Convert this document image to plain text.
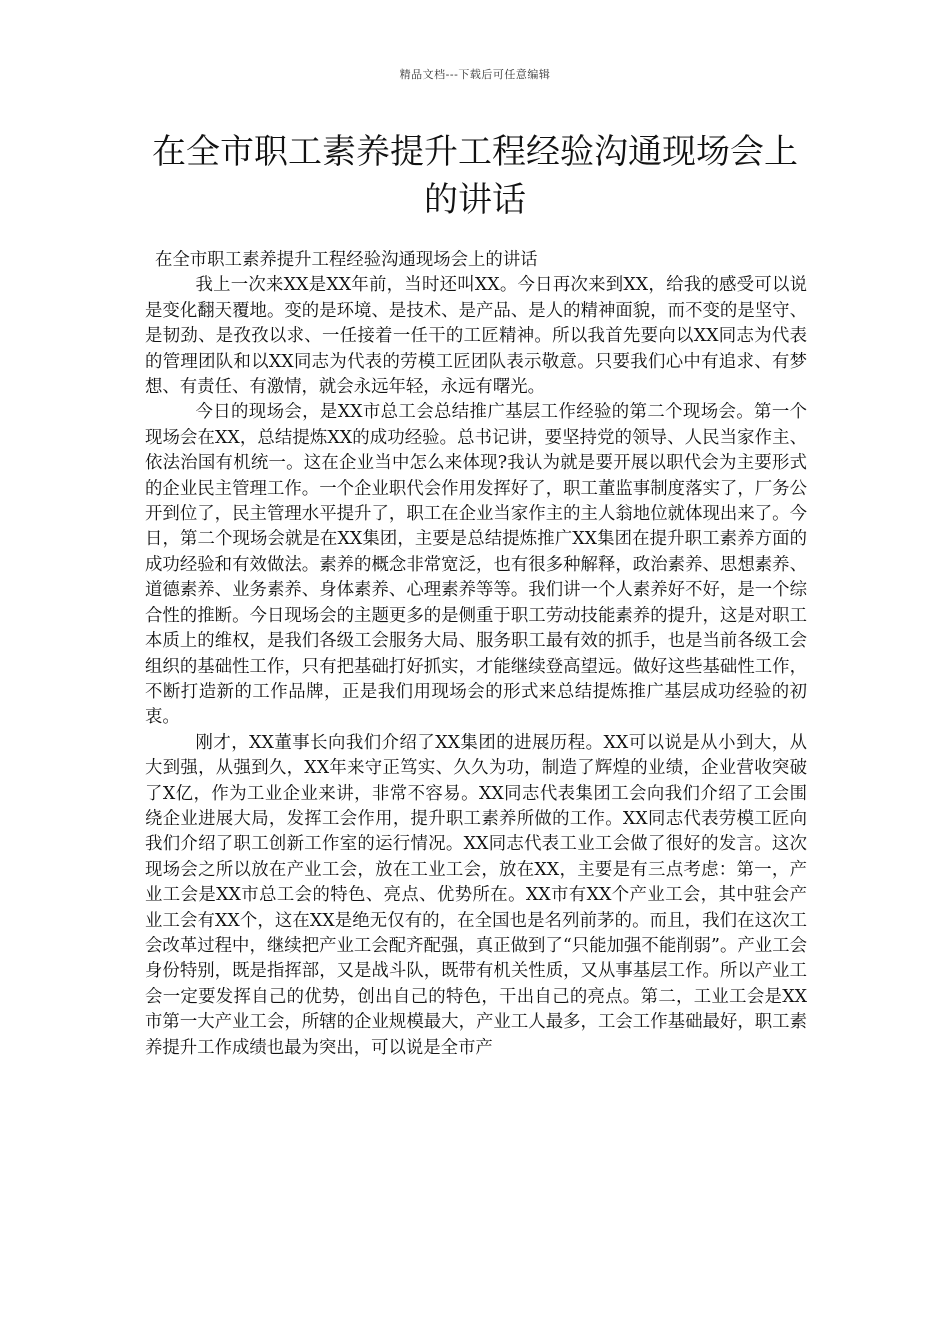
精品文档---下载后可任意编辑
在全市职工素养提升工程经验沟通现场会上的讲话

在全市职工素养提升工程经验沟通现场会上的讲话

我上一次来XX是XX年前，当时还叫XX。今日再次来到XX，给我的感受可以说是变化翻天覆地。变的是环境、是技术、是产品、是人的精神面貌，而不变的是坚守、是韧劲、是孜孜以求、一任接着一任干的工匠精神。所以我首先要向以XX同志为代表的管理团队和以XX同志为代表的劳模工匠团队表示敬意。只要我们心中有追求、有梦想、有责任、有激情，就会永远年轻，永远有曙光。

今日的现场会，是XX市总工会总结推广基层工作经验的第二个现场会。第一个现场会在XX，总结提炼XX的成功经验。总书记讲，要坚持党的领导、人民当家作主、依法治国有机统一。这在企业当中怎么来体现?我认为就是要开展以职代会为主要形式的企业民主管理工作。一个企业职代会作用发挥好了，职工董监事制度落实了，厂务公开到位了，民主管理水平提升了，职工在企业当家作主的主人翁地位就体现出来了。今日，第二个现场会就是在XX集团，主要是总结提炼推广XX集团在提升职工素养方面的成功经验和有效做法。素养的概念非常宽泛，也有很多种解释，政治素养、思想素养、道德素养、业务素养、身体素养、心理素养等等。我们讲一个人素养好不好，是一个综合性的推断。今日现场会的主题更多的是侧重于职工劳动技能素养的提升，这是对职工本质上的维权，是我们各级工会服务大局、服务职工最有效的抓手，也是当前各级工会组织的基础性工作，只有把基础打好抓实，才能继续登高望远。做好这些基础性工作，不断打造新的工作品牌，正是我们用现场会的形式来总结提炼推广基层成功经验的初衷。

刚才，XX董事长向我们介绍了XX集团的进展历程。XX可以说是从小到大，从大到强，从强到久，XX年来守正笃实、久久为功，制造了辉煌的业绩，企业营收突破了X亿，作为工业企业来讲，非常不容易。XX同志代表集团工会向我们介绍了工会围绕企业进展大局，发挥工会作用，提升职工素养所做的工作。XX同志代表劳模工匠向我们介绍了职工创新工作室的运行情况。XX同志代表工业工会做了很好的发言。这次现场会之所以放在产业工会，放在工业工会，放在XX，主要是有三点考虑：第一，产业工会是XX市总工会的特色、亮点、优势所在。XX市有XX个产业工会，其中驻会产业工会有XX个，这在XX是绝无仅有的，在全国也是名列前茅的。而且，我们在这次工会改革过程中，继续把产业工会配齐配强，真正做到了“只能加强不能削弱”。产业工会身份特别，既是指挥部，又是战斗队，既带有机关性质，又从事基层工作。所以产业工会一定要发挥自己的优势，创出自己的特色，干出自己的亮点。第二，工业工会是XX市第一大产业工会，所辖的企业规模最大，产业工人最多，工会工作基础最好，职工素养提升工作成绩也最为突出，可以说是全市产
